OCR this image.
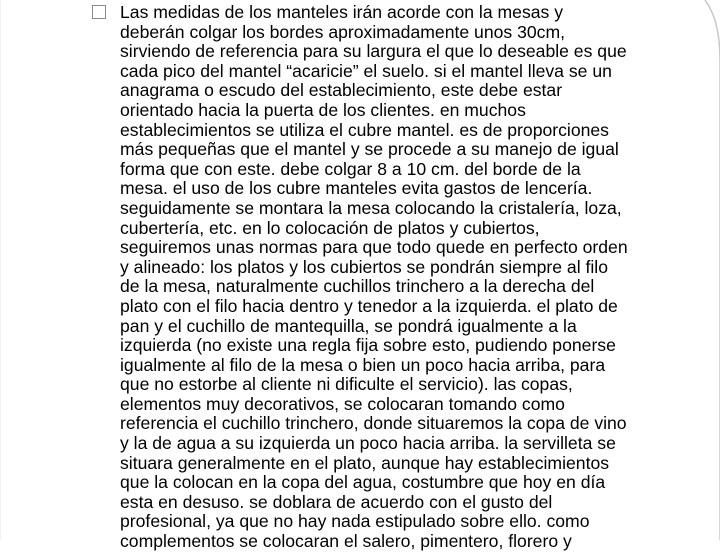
Las medidas de los manteles irán acorde con la mesas y
deberán colgar los bordes aproximadamente unos 30cm,
sirviendo de referencia para su largura el que lo deseable es que
cada pico del mantel “acaricie” el suelo. si el mantel lleva se un
anagrama o escudo del establecimiento, este debe estar
orientado hacia la puerta de los clientes. en muchos
establecimientos se utiliza el cubre mantel. es de proporciones
más pequeñas que el mantel y se procede a su manejo de igual
forma que con este. debe colgar 8 a 10 cm. del borde de la
mesa. el uso de los cubre manteles evita gastos de lencería.
seguidamente se montara la mesa colocando la cristalería, loza,
cubertería, etc. en lo colocación de platos y cubiertos,
seguiremos unas normas para que todo quede en perfecto orden
y alineado: los platos y los cubiertos se pondrán siempre al filo
de la mesa, naturalmente cuchillos trinchero a la derecha del
plato con el filo hacia dentro y tenedor a la izquierda. el plato de
pan y el cuchillo de mantequilla, se pondrá igualmente a la
izquierda (no existe una regla fija sobre esto, pudiendo ponerse
igualmente al filo de la mesa o bien un poco hacia arriba, para
que no estorbe al cliente ni dificulte el servicio). las copas,
elementos muy decorativos, se colocaran tomando como
referencia el cuchillo trinchero, donde situaremos la copa de vino
y la de agua a su izquierda un poco hacia arriba. la servilleta se
situara generalmente en el plato, aunque hay establecimientos
que la colocan en la copa del agua, costumbre que hoy en día
esta en desuso. se doblara de acuerdo con el gusto del
profesional, ya que no hay nada estipulado sobre ello. como
complementos se colocaran el salero, pimentero, florero y
